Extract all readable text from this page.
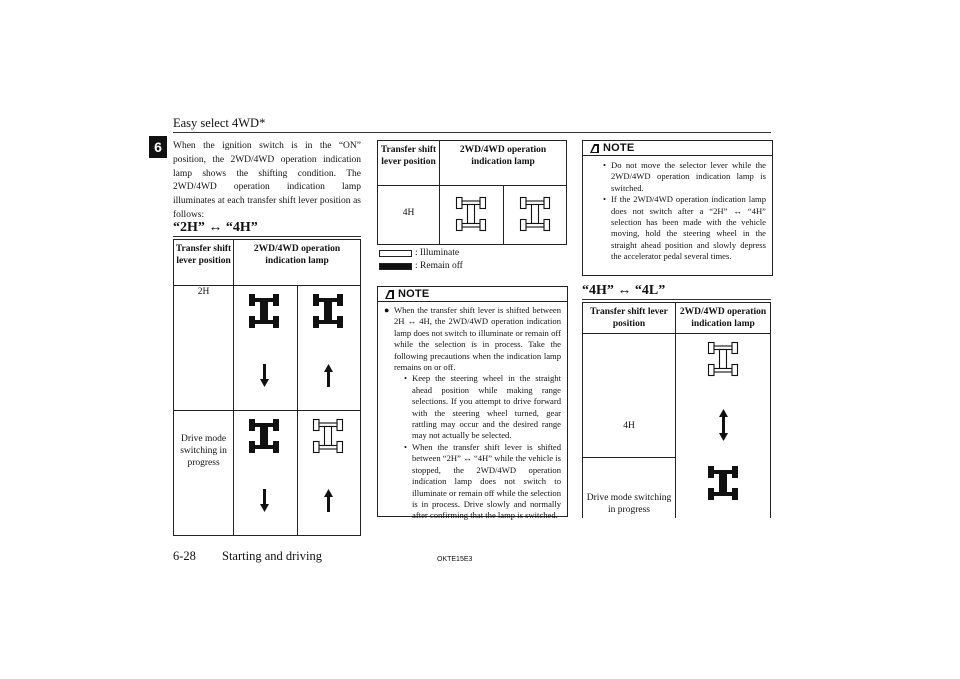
Easy select 4WD*
6	When the ignition switch is in the “ON” position, the 2WD/4WD operation indication lamp shows the shifting condition. The 2WD/4WD operation indication lamp illuminates at each transfer shift lever position as follows:
“2H” ↔ “4H”
Transfer shift lever position	2WD/4WD operation indication lamp	
2H	

Drive mode switching in progress	

Transfer shift lever position	2WD/4WD operation indication lamp	
4H	

: Illuminate
: Remain off
NOTE
● When the transfer shift lever is shifted between 2H ↔ 4H, the 2WD/4WD operation indication lamp does not switch to illuminate or remain off while the selection is in process. Take the following precautions when the indication lamp remains on or off.
• Keep the steering wheel in the straight ahead position while making range selections. If you attempt to drive forward with the steering wheel turned, gear rattling may occur and the desired range may not actually be selected.
• When the transfer shift lever is shifted between “2H” ↔ “4H” while the vehicle is stopped, the 2WD/4WD operation indication lamp does not switch to illuminate or remain off while the selection is in process. Drive slowly and normally after confirming that the lamp is switched.
NOTE
• Do not move the selector lever while the 2WD/4WD operation indication lamp is switched.
• If the 2WD/4WD operation indication lamp does not switch after a “2H” ↔ “4H” selection has been made with the vehicle moving, hold the steering wheel in the straight ahead position and slowly depress the accelerator pedal several times.
“4H” ↔ “4L”
Transfer shift lever position	2WD/4WD operation indication lamp
4H	

Drive mode switching in progress	
6-28 Starting and driving	OKTE15E3
